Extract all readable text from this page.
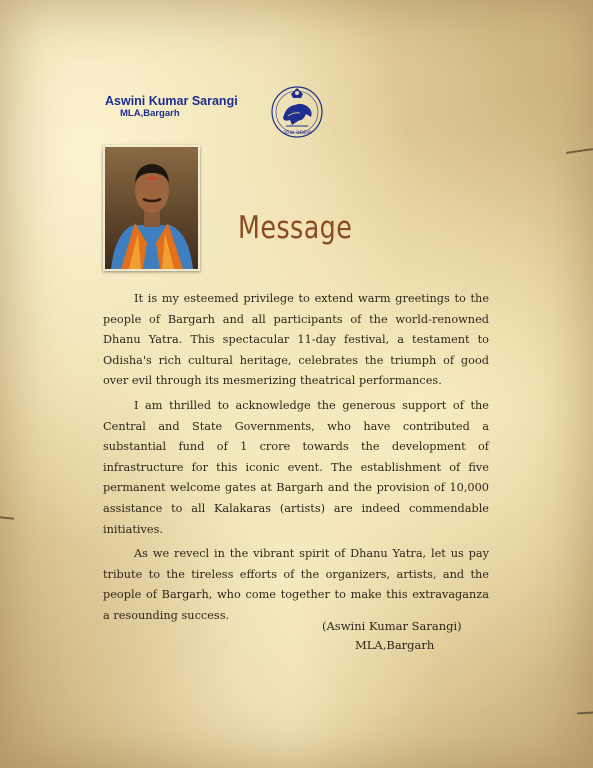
Aswini Kumar Sarangi
MLA,Bargarh
ଓଡ଼ିଶା ସରକାର
Message

It is my esteemed privilege to extend warm greetings to the people of Bargarh and all participants of the world-renowned Dhanu Yatra. This spectacular 11-day festival, a testament to Odisha's rich cultural heritage, celebrates the triumph of good over evil through its mesmerizing theatrical performances.

I am thrilled to acknowledge the generous support of the Central and State Governments, who have contributed a substantial fund of 1 crore towards the development of infrastructure for this iconic event. The establishment of five permanent welcome gates at Bargarh and the provision of 10,000 assistance to all Kalakaras (artists) are indeed commendable initiatives.

As we revecl in the vibrant spirit of Dhanu Yatra, let us pay tribute to the tireless efforts of the organizers, artists, and the people of Bargarh, who come together to make this extravaganza a resounding success.

(Aswini Kumar Sarangi)
MLA,Bargarh
